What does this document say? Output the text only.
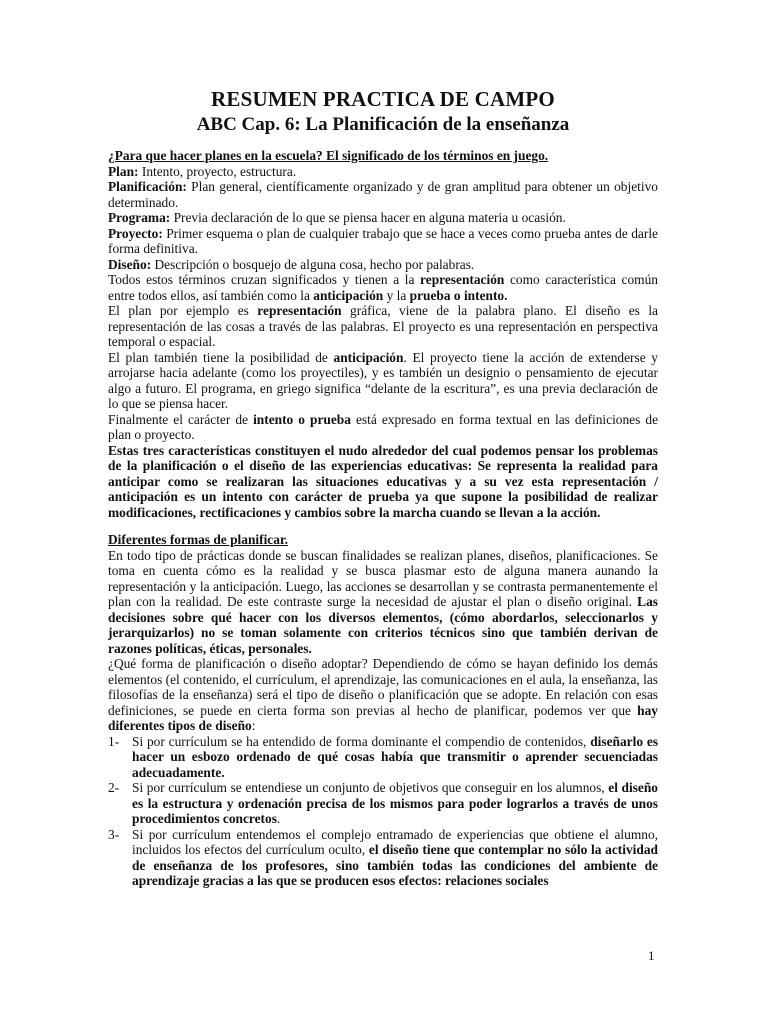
RESUMEN PRACTICA DE CAMPO
ABC Cap. 6: La Planificación de la enseñanza
¿Para que hacer planes en la escuela? El significado de los términos en juego.

Plan: Intento, proyecto, estructura.

Planificación: Plan general, científicamente organizado y de gran amplitud para obtener un objetivo determinado.

Programa: Previa declaración de lo que se piensa hacer en alguna materia u ocasión.

Proyecto: Primer esquema o plan de cualquier trabajo que se hace a veces como prueba antes de darle forma definitiva.

Diseño: Descripción o bosquejo de alguna cosa, hecho por palabras.

Todos estos términos cruzan significados y tienen a la representación como característica común entre todos ellos, así también como la anticipación y la prueba o intento.

El plan por ejemplo es representación gráfica, viene de la palabra plano. El diseño es la representación de las cosas a través de las palabras. El proyecto es una representación en perspectiva temporal o espacial.

El plan también tiene la posibilidad de anticipación. El proyecto tiene la acción de extenderse y arrojarse hacia adelante (como los proyectiles), y es también un designio o pensamiento de ejecutar algo a futuro. El programa, en griego significa “delante de la escritura”, es una previa declaración de lo que se piensa hacer.

Finalmente el carácter de intento o prueba está expresado en forma textual en las definiciones de plan o proyecto.

Estas tres características constituyen el nudo alrededor del cual podemos pensar los problemas de la planificación o el diseño de las experiencias educativas: Se representa la realidad para anticipar como se realizaran las situaciones educativas y a su vez esta representación / anticipación es un intento con carácter de prueba ya que supone la posibilidad de realizar modificaciones, rectificaciones y cambios sobre la marcha cuando se llevan a la acción.

Diferentes formas de planificar.

En todo tipo de prácticas donde se buscan finalidades se realizan planes, diseños, planificaciones. Se toma en cuenta cómo es la realidad y se busca plasmar esto de alguna manera aunando la representación y la anticipación. Luego, las acciones se desarrollan y se contrasta permanentemente el plan con la realidad. De este contraste surge la necesidad de ajustar el plan o diseño original. Las decisiones sobre qué hacer con los diversos elementos, (cómo abordarlos, seleccionarlos y jerarquizarlos) no se toman solamente con criterios técnicos sino que también derivan de razones políticas, éticas, personales.

¿Qué forma de planificación o diseño adoptar? Dependiendo de cómo se hayan definido los demás elementos (el contenido, el currículum, el aprendizaje, las comunicaciones en el aula, la enseñanza, las filosofías de la enseñanza) será el tipo de diseño o planificación que se adopte. En relación con esas definiciones, se puede en cierta forma son previas al hecho de planificar, podemos ver que hay diferentes tipos de diseño:

1- Si por currículum se ha entendido de forma dominante el compendio de contenidos, diseñarlo es hacer un esbozo ordenado de qué cosas había que transmitir o aprender secuenciadas adecuadamente.
2- Si por currículum se entendiese un conjunto de objetivos que conseguir en los alumnos, el diseño es la estructura y ordenación precisa de los mismos para poder lograrlos a través de unos procedimientos concretos.
3- Si por currículum entendemos el complejo entramado de experiencias que obtiene el alumno, incluidos los efectos del currículum oculto, el diseño tiene que contemplar no sólo la actividad de enseñanza de los profesores, sino también todas las condiciones del ambiente de aprendizaje gracias a las que se producen esos efectos: relaciones sociales
1
